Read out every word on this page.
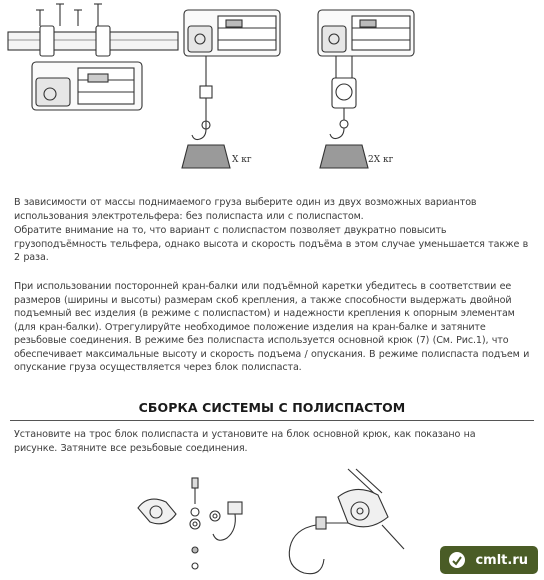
Х кг	2Х кг

В зависимости от массы поднимаемого груза выберите один из двух возможных вариантов использования электротельфера: без полиспаста или с полиспастом.

Обратите внимание на то, что вариант с полиспастом позволяет двукратно повысить грузоподъёмность тельфера, однако высота и скорость подъёма в этом случае уменьшается также в 2 раза.

При использовании посторонней кран-балки или подъёмной каретки убедитесь в соответствии ее размеров (ширины и высоты) размерам скоб крепления, а также способности выдержать двойной подъемный вес изделия (в режиме с полиспастом) и надежности крепления к опорным элементам (для кран-балки). Отрегулируйте необходимое положение изделия на кран-балке и затяните резьбовые соединения. В режиме без полиспаста используется основной крюк (7) (См. Рис.1), что обеспечивает максимальные высоту и скорость подъема / опускания. В режиме полиспаста подъем и опускание груза осуществляется через блок полиспаста.

СБОРКА СИСТЕМЫ С ПОЛИСПАСТОМ

Установите на трос блок полиспаста и установите на блок основной крюк, как показано на рисунке. Затяните все резьбовые соединения.

cmlt.ru
